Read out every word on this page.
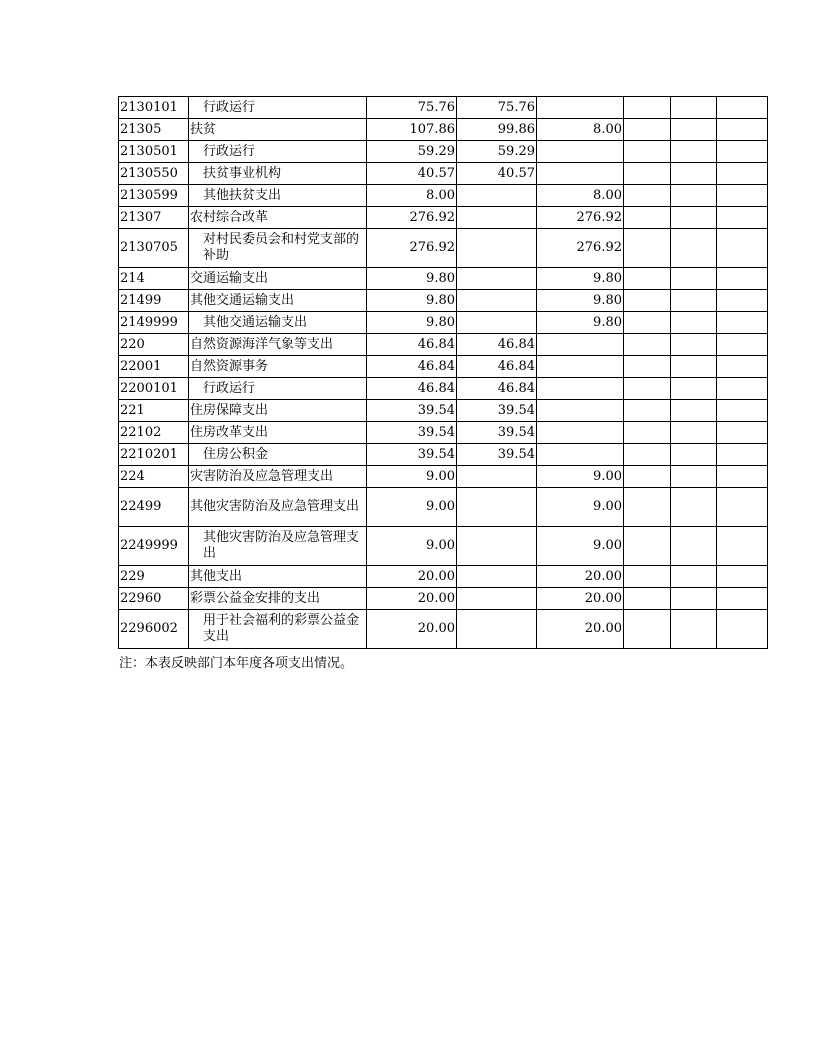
2130101	行政运行	75.76	75.76				
21305	扶贫	107.86	99.86	8.00			
2130501	行政运行	59.29	59.29				
2130550	扶贫事业机构	40.57	40.57				
2130599	其他扶贫支出	8.00		8.00			
21307	农村综合改革	276.92		276.92			
2130705	对村民委员会和村党支部的补助	276.92		276.92			
214	交通运输支出	9.80		9.80			
21499	其他交通运输支出	9.80		9.80			
2149999	其他交通运输支出	9.80		9.80			
220	自然资源海洋气象等支出	46.84	46.84				
22001	自然资源事务	46.84	46.84				
2200101	行政运行	46.84	46.84				
221	住房保障支出	39.54	39.54				
22102	住房改革支出	39.54	39.54				
2210201	住房公积金	39.54	39.54				
224	灾害防治及应急管理支出	9.00		9.00			
22499	其他灾害防治及应急管理支出	9.00		9.00			
2249999	其他灾害防治及应急管理支出	9.00		9.00			
229	其他支出	20.00		20.00			
22960	彩票公益金安排的支出	20.00		20.00			
2296002	用于社会福利的彩票公益金支出	20.00		20.00			
注：本表反映部门本年度各项支出情况。
